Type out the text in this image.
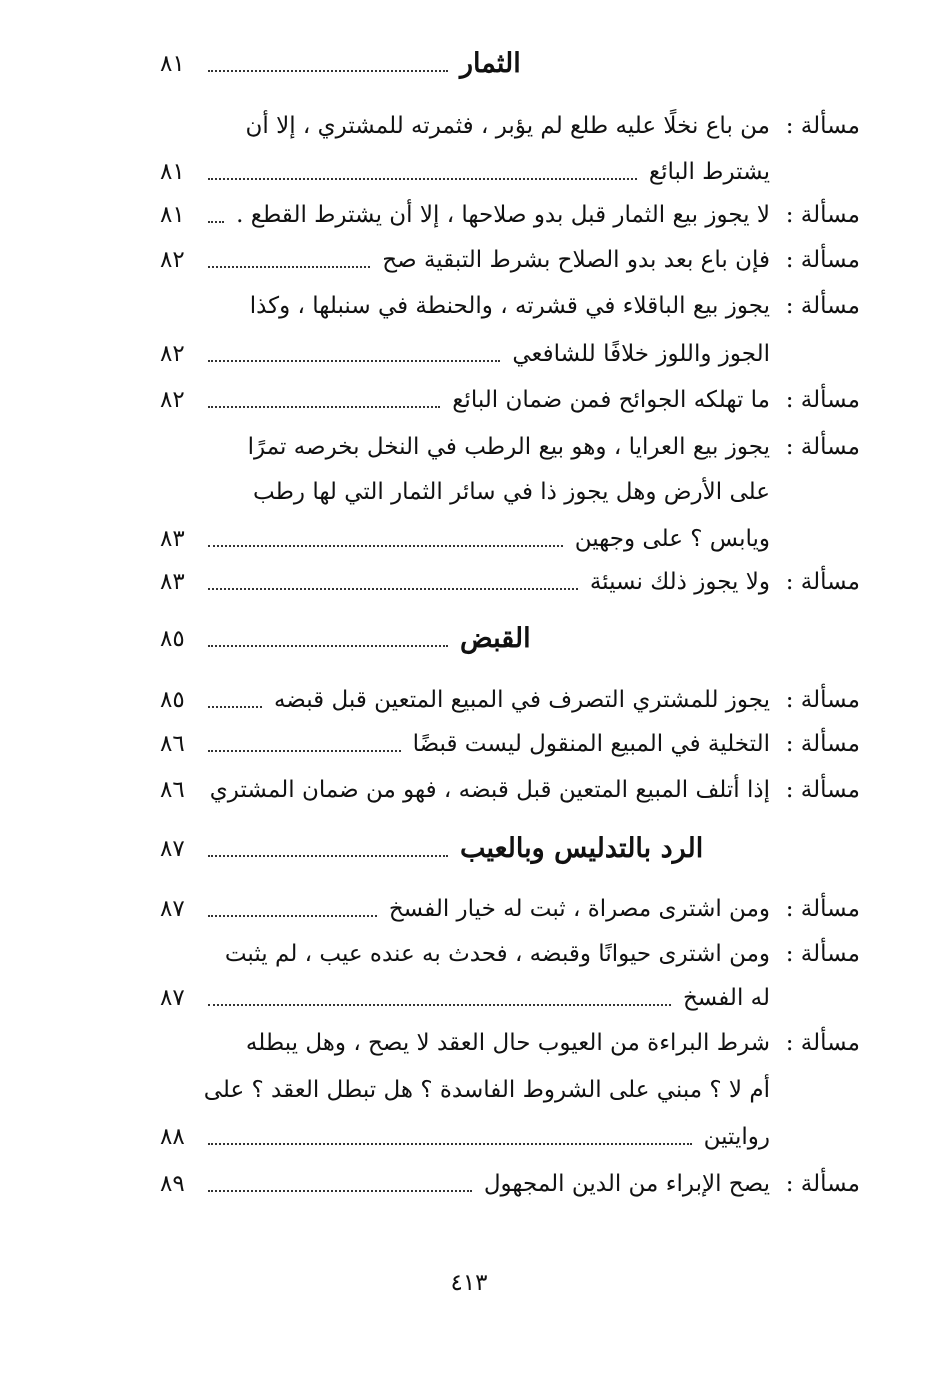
الثمار
٨١
مسألة :
من باع نخلًا عليه طلع لم يؤبر ، فثمرته للمشتري ، إلا أن
يشترط البائع
٨١
مسألة :
لا يجوز بيع الثمار قبل بدو صلاحها ، إلا أن يشترط القطع .
٨١
مسألة :
فإن باع بعد بدو الصلاح بشرط التبقية صح
٨٢
مسألة :
يجوز بيع الباقلاء في قشرته ، والحنطة في سنبلها ، وكذا
الجوز واللوز خلافًا للشافعي
٨٢
مسألة :
ما تهلكه الجوائح فمن ضمان البائع
٨٢
مسألة :
يجوز بيع العرايا ، وهو بيع الرطب في النخل بخرصه تمرًا
على الأرض وهل يجوز ذا في سائر الثمار التي لها رطب
ويابس ؟ على وجهين
٨٣
مسألة :
ولا يجوز ذلك نسيئة
٨٣
القبض
٨٥
مسألة :
يجوز للمشتري التصرف في المبيع المتعين قبل قبضه
٨٥
مسألة :
التخلية في المبيع المنقول ليست قبضًا
٨٦
مسألة :
إذا أتلف المبيع المتعين قبل قبضه ، فهو من ضمان المشتري
٨٦
الرد بالتدليس وبالعيب
٨٧
مسألة :
ومن اشترى مصراة ، ثبت له خيار الفسخ
٨٧
مسألة :
ومن اشترى حيوانًا وقبضه ، فحدث به عنده عيب ، لم يثبت
له الفسخ
٨٧
مسألة :
شرط البراءة من العيوب حال العقد لا يصح ، وهل يبطله
أم لا ؟ مبني على الشروط الفاسدة ؟ هل تبطل العقد ؟ على
روايتين
٨٨
مسألة :
يصح الإبراء من الدين المجهول
٨٩
٤١٣
